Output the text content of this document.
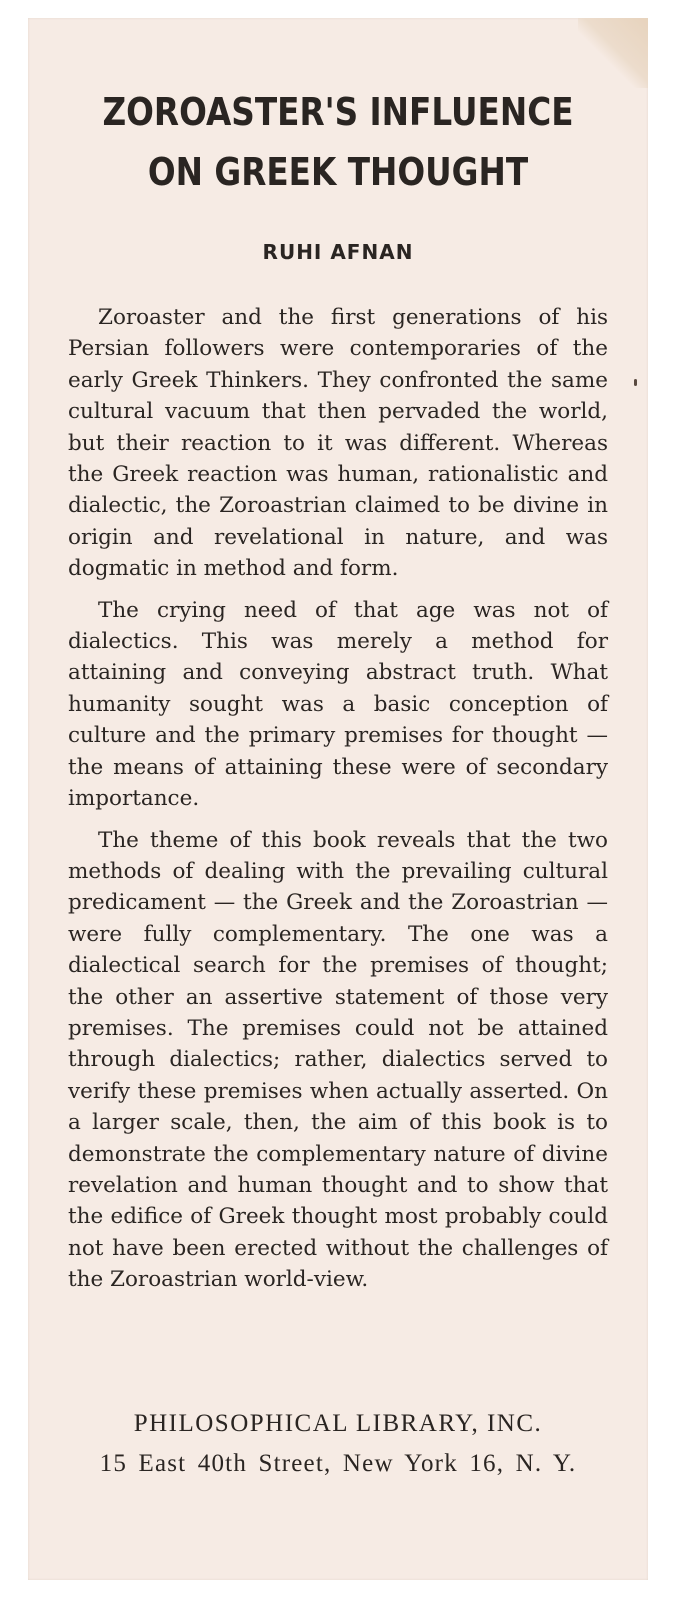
ZOROASTER'S INFLUENCE
ON GREEK THOUGHT
RUHI AFNAN

Zoroaster and the first generations of his Persian followers were contemporaries of the early Greek Thinkers. They confronted the same cultural vacuum that then pervaded the world, but their reaction to it was different. Whereas the Greek reaction was human, rationalistic and dialectic, the Zoroastrian claimed to be divine in origin and revelational in nature, and was dogmatic in method and form.

The crying need of that age was not of dialectics. This was merely a method for attaining and conveying abstract truth. What humanity sought was a basic conception of culture and the primary premises for thought — the means of attaining these were of secondary importance.

The theme of this book reveals that the two methods of dealing with the prevailing cultural predicament — the Greek and the Zoroastrian — were fully complementary. The one was a dialectical search for the premises of thought; the other an assertive statement of those very premises. The premises could not be attained through dialectics; rather, dialectics served to verify these premises when actually asserted. On a larger scale, then, the aim of this book is to demonstrate the complementary nature of divine revelation and human thought and to show that the edifice of Greek thought most probably could not have been erected without the challenges of the Zoroastrian world-view.

PHILOSOPHICAL LIBRARY, INC.
15 East 40th Street, New York 16, N. Y.
